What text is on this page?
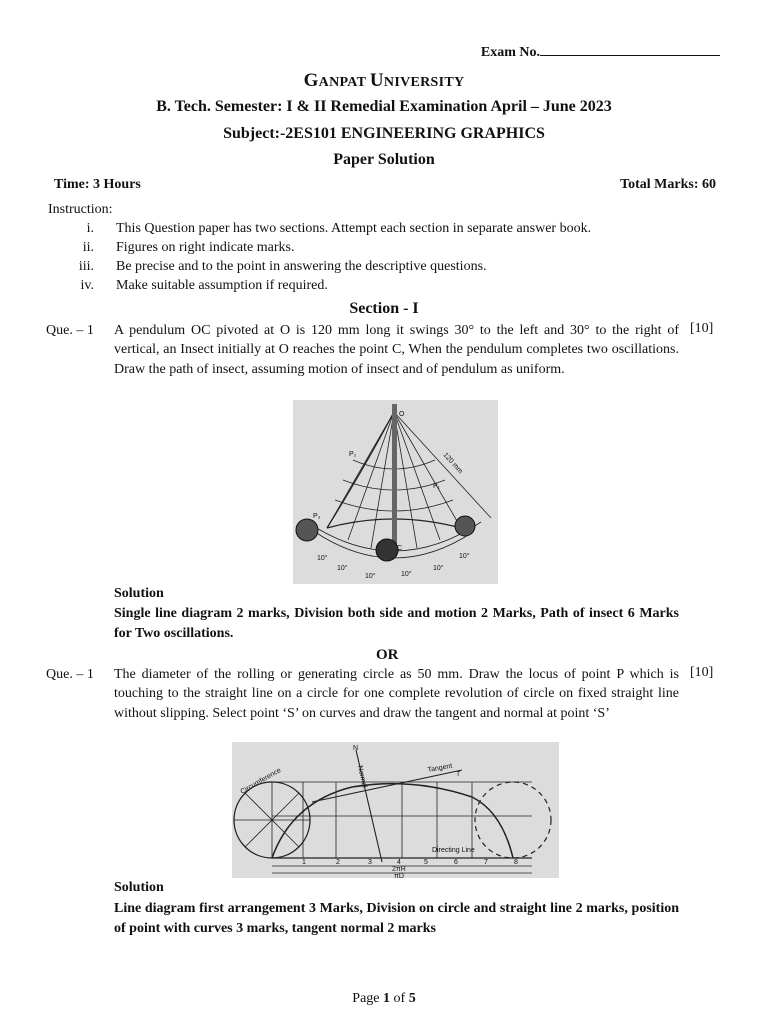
Exam No.
GANPAT UNIVERSITY
B. Tech. Semester: I & II Remedial Examination April – June 2023
Subject:-2ES101 ENGINEERING GRAPHICS
Paper Solution
Time: 3 Hours	Total Marks: 60
Instruction:
i. This Question paper has two sections. Attempt each section in separate answer book.
ii. Figures on right indicate marks.
iii. Be precise and to the point in answering the descriptive questions.
iv. Make suitable assumption if required.
Section - I
Que. – 1 A pendulum OC pivoted at O is 120 mm long it swings 30° to the left and 30° to the right of vertical, an Insect initially at O reaches the point C, When the pendulum completes two oscillations. Draw the path of insect, assuming motion of insect and of pendulum as uniform.
[10]
O
C
P₁
P₂
P₃
120 mm
10°
10°
10°	10°
10°
10°
Solution
Single line diagram 2 marks, Division both side and motion 2 Marks, Path of insect 6 Marks for Two oscillations.
OR
Que. – 1 The diameter of the rolling or generating circle as 50 mm. Draw the locus of point P which is touching to the straight line on a circle for one complete revolution of circle on fixed straight line without slipping. Select point ‘S’ on curves and draw the tangent and normal at point ‘S’
[10]
N
Normal	Tangent
T
Directing Line
Circumference
1	2	3	4	5	6	7	8
2πR
πD
Solution
Line diagram first arrangement 3 Marks, Division on circle and straight line 2 marks, position of point with curves 3 marks, tangent normal 2 marks
Page 1 of 5
